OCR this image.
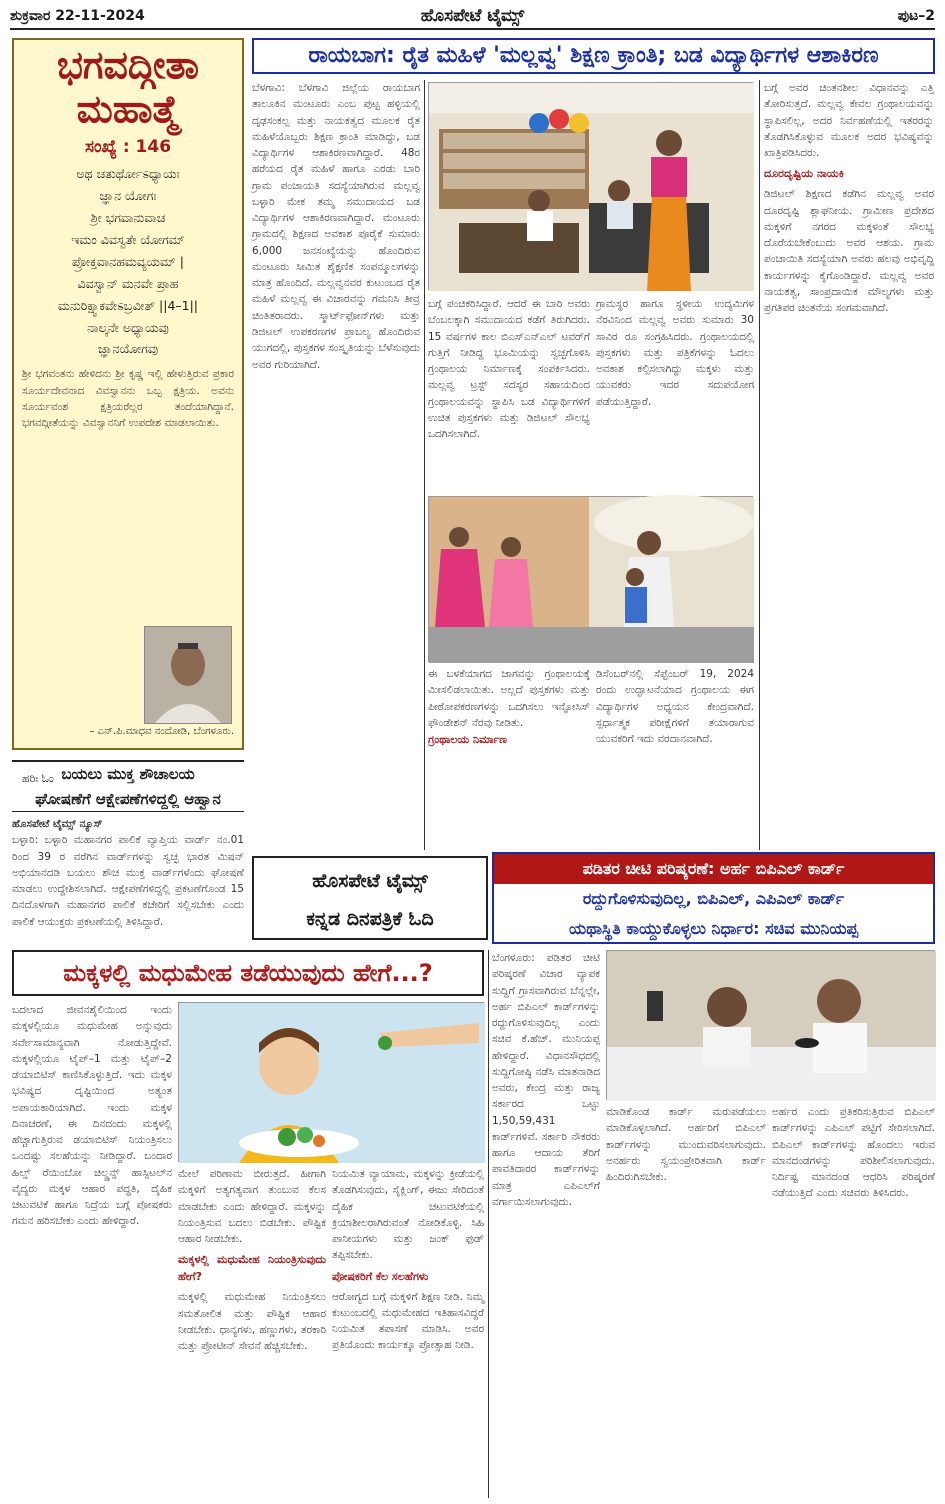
ಶುಕ್ರವಾರ 22-11-2024	ಹೊಸಪೇಟೆ ಟೈಮ್ಸ್	ಪುಟ–2
ಭಗವದ್ಗೀತಾ
ಮಹಾತ್ಮೆ
ಸಂಖ್ಯೆ : 146
ಅಥ ಚತುರ್ಥೋಽಧ್ಯಾಯಃ
ಜ್ಞಾನ ಯೋಗಃ
ಶ್ರೀ ಭಗವಾನುವಾಚ
ಇಮಂ ವಿವಸ್ವತೇ ಯೋಗಮ್
ಪ್ರೋಕ್ತವಾನಹಮವ್ಯಯಮ್ |
ವಿವಸ್ವಾನ್ ಮನವೇ ಪ್ರಾಹ
ಮನುರಿಕ್ಷ್ವಾಕವೇಽಬ್ರವೀತ್ ||4–1||
ನಾಲ್ಕನೇ ಅಧ್ಯಾಯವು
ಜ್ಞಾನಯೋಗವು
ಶ್ರೀ ಭಗವಂತನು ಹೇಳಿದನು ಶ್ರೀ ಕೃಷ್ಣ ಇಲ್ಲಿ ಹೇಳುತ್ತಿರುವ ಪ್ರಕಾರ ಸೂರ್ಯದೇವನಾದ ವಿವಸ್ವಾನನು ಒಬ್ಬ ಕ್ಷತ್ರಿಯ. ಅವನು ಸೂರ್ಯವಂಶ ಕ್ಷತ್ರಿಯರೆಲ್ಲರ ತಂದೆಯಾಗಿದ್ದಾನೆ. ಭಗವದ್ಗೀತೆಯನ್ನು ವಿವಸ್ವಾನನಿಗೆ ಉಪದೇಶ ಮಾಡಲಾಯಿತು.
– ಎನ್.ಪಿ.ಮಾಧವ ನಂದೋಡಿ, ಬೆಂಗಳೂರು.
ಹರಿಃ ಓಂ
ರಾಯಬಾಗ: ರೈತ ಮಹಿಳೆ 'ಮಲ್ಲವ್ವ' ಶಿಕ್ಷಣ ಕ್ರಾಂತಿ; ಬಡ ವಿದ್ಯಾರ್ಥಿಗಳ ಆಶಾಕಿರಣ
ಬೆಳಗಾವಿ: ಬೆಳಗಾವಿ ಜಿಲ್ಲೆಯ ರಾಯಬಾಗ ತಾಲೂಕಿನ ಮಂಟೂರು ಎಂಬ ಪುಟ್ಟ ಹಳ್ಳಿಯಲ್ಲಿ ದೃಢಸಂಕಲ್ಪ ಮತ್ತು ನಾಯಕತ್ವದ ಮೂಲಕ ರೈತ ಮಹಿಳೆಯೊಬ್ಬರು ಶಿಕ್ಷಣ ಕ್ರಾಂತಿ ಮಾಡಿದ್ದು, ಬಡ ವಿದ್ಯಾರ್ಥಿಗಳ ಆಶಾಕಿರಣವಾಗಿದ್ದಾರೆ. 48ರ ಹರೆಯದ ರೈತ ಮಹಿಳೆ ಹಾಗೂ ಎರಡು ಬಾರಿ ಗ್ರಾಮ ಪಂಚಾಯತಿ ಸದಸ್ಯೆಯಾಗಿರುವ ಮಲ್ಲವ್ವ ಬಳ್ಳಾರಿ ಮೇಕ ತಮ್ಮ ಸಮುದಾಯದ ಬಡ ವಿದ್ಯಾರ್ಥಿಗಳ ಆಶಾಕಿರಣವಾಗಿದ್ದಾರೆ. ಮಂಟೂರು ಗ್ರಾಮದಲ್ಲಿ ಶಿಕ್ಷಣದ ಅವಕಾಶ ಪೂರೈಕೆ ಸುಮಾರು 6,000 ಜನಸಂಖ್ಯೆಯನ್ನು ಹೊಂದಿರುವ ಮಂಟೂರು ಸೀಮಿತ ಶೈಕ್ಷಣಿಕ ಸಂಪನ್ಮೂಲಗಳನ್ನು ಮಾತ್ರ ಹೊಂದಿದೆ. ಮಲ್ಲವ್ವನವರ ಕುಟುಂಬದ ರೈತ ಮಹಿಳೆ ಮಲ್ಲವ್ವ ಈ ವಿಚಾರವನ್ನು ಗಮನಿಸಿ ತೀವ್ರ ಚಿಂತಿತರಾದರು. ಸ್ಮಾರ್ಟ್‌ಫೋನ್‌ಗಳು ಮತ್ತು ಡಿಜಿಟಲ್ ಉಪಕರಣಗಳ ಪ್ರಾಬಲ್ಯ ಹೊಂದಿರುವ ಯುಗದಲ್ಲಿ, ಪುಸ್ತಕಗಳ ಸಂಸ್ಕೃತಿಯನ್ನು ಬೆಳೆಸುವುದು ಅವರ ಗುರಿಯಾಗಿದೆ.
ಬಗ್ಗೆ ಪಂಚಿಕರಿಸಿದ್ದಾರೆ. ಆದರೆ ಈ ಬಾರಿ ಅವರು ಬೆಂಬಲಕ್ಕಾಗಿ ಸಮುದಾಯದ ಕಡೆಗೆ ತಿರುಗಿದರು. 15 ವರ್ಷಗಳ ಕಾಲ ಬಿಎಸ್‌ಎನ್‌ಎಲ್ ಟವರ್‌ಗೆ ಗುತ್ತಿಗೆ ನೀಡಿದ್ದ ಭೂಮಿಯನ್ನು ಸ್ವಚ್ಛಗೊಳಿಸಿ ಗ್ರಂಥಾಲಯ ನಿರ್ಮಾಣಕ್ಕೆ ಸಂಪರ್ಕಿಸಿದರು. ಮಲ್ಲವ್ವ ಟ್ರಸ್ಟ್ ಸದಸ್ಯರ ಸಹಾಯದಿಂದ ಗ್ರಂಥಾಲಯವನ್ನು ಸ್ಥಾಪಿಸಿ ಬಡ ವಿದ್ಯಾರ್ಥಿಗಳಿಗೆ ಉಚಿತ ಪುಸ್ತಕಗಳು ಮತ್ತು ಡಿಜಿಟಲ್ ಸೌಲಭ್ಯ ಒದಗಿಸಲಾಗಿದೆ.
ಗ್ರಾಮಸ್ಥರ ಹಾಗೂ ಸ್ಥಳೀಯ ಉದ್ಯಮಿಗಳ ನೆರವಿನಿಂದ ಮಲ್ಲವ್ವ ಅವರು ಸುಮಾರು 30 ಸಾವಿರ ರೂ ಸಂಗ್ರಹಿಸಿದರು. ಗ್ರಂಥಾಲಯದಲ್ಲಿ ಪುಸ್ತಕಗಳು ಮತ್ತು ಪತ್ರಿಕೆಗಳನ್ನು ಓದಲು ಅವಕಾಶ ಕಲ್ಪಿಸಲಾಗಿದ್ದು ಮಕ್ಕಳು ಮತ್ತು ಯುವಕರು ಇದರ ಸದುಪಯೋಗ ಪಡೆಯುತ್ತಿದ್ದಾರೆ.
ಈ ಬಳಕೆಯಾಗದ ಜಾಗವನ್ನು ಗ್ರಂಥಾಲಯಕ್ಕೆ ಮೀಸಲಿಡಲಾಯಿತು. ಅಲ್ಲದೆ ಪುಸ್ತಕಗಳು ಮತ್ತು ಪೀಠೋಪಕರಣಗಳನ್ನು ಒದಗಿಸಲು ಇನ್ಫೋಸಿಸ್ ಫೌಂಡೇಶನ್ ನೆರವು ನೀಡಿತು.
ಗ್ರಂಥಾಲಯ ನಿರ್ಮಾಣ
ಡಿಸೆಂಬರ್‌ನಲ್ಲಿ ಸೆಪ್ಟೆಂಬರ್ 19, 2024 ರಂದು ಉದ್ಘಾಟನೆಯಾದ ಗ್ರಂಥಾಲಯ ಈಗ ವಿದ್ಯಾರ್ಥಿಗಳ ಅಧ್ಯಯನ ಕೇಂದ್ರವಾಗಿದೆ. ಸ್ಪರ್ಧಾತ್ಮಕ ಪರೀಕ್ಷೆಗಳಿಗೆ ತಯಾರಾಗುವ ಯುವಕರಿಗೆ ಇದು ವರದಾನವಾಗಿದೆ.
ಬಗ್ಗೆ ಅವರ ಚಿಂತನಶೀಲ ವಿಧಾನವನ್ನು ಎತ್ತಿ ತೋರಿಸುತ್ತದೆ. ಮಲ್ಲವ್ವ ಕೇವಲ ಗ್ರಂಥಾಲಯವನ್ನು ಸ್ಥಾಪಿಸಲಿಲ್ಲ, ಅದರ ನಿರ್ವಹಣೆಯಲ್ಲಿ ಇತರರನ್ನು ತೊಡಗಿಸಿಕೊಳ್ಳುವ ಮೂಲಕ ಅದರ ಭವಿಷ್ಯವನ್ನು ಖಾತ್ರಿಪಡಿಸಿದರು.
ದೂರದೃಷ್ಟಿಯ ನಾಯಕಿ
ಡಿಜಿಟಲ್ ಶಿಕ್ಷಣದ ಕಡೆಗಿನ ಮಲ್ಲವ್ವ ಅವರ ದೂರದೃಷ್ಟಿ ಶ್ಲಾಘನೀಯ. ಗ್ರಾಮೀಣ ಪ್ರದೇಶದ ಮಕ್ಕಳಿಗೆ ನಗರದ ಮಕ್ಕಳಂತೆ ಸೌಲಭ್ಯ ದೊರೆಯಬೇಕೆಂಬುದು ಅವರ ಆಶಯ. ಗ್ರಾಮ ಪಂಚಾಯಿತಿ ಸದಸ್ಯೆಯಾಗಿ ಅವರು ಹಲವು ಅಭಿವೃದ್ಧಿ ಕಾರ್ಯಗಳನ್ನು ಕೈಗೊಂಡಿದ್ದಾರೆ. ಮಲ್ಲವ್ವ ಅವರ ನಾಯಕತ್ವ, ಸಾಂಪ್ರದಾಯಿಕ ಮೌಲ್ಯಗಳು ಮತ್ತು ಪ್ರಗತಿಪರ ಚಿಂತನೆಯ ಸಂಗಮವಾಗಿದೆ.
ಬಯಲು ಮುಕ್ತ ಶೌಚಾಲಯ
ಘೋಷಣೆಗೆ ಆಕ್ಷೇಪಣೆಗಳಿದ್ದಲ್ಲಿ ಆಹ್ವಾನ
ಹೊಸಪೇಟೆ ಟೈಮ್ಸ್ ನ್ಯೂಸ್
ಬಳ್ಳಾರಿ: ಬಳ್ಳಾರಿ ಮಹಾನಗರ ಪಾಲಿಕೆ ವ್ಯಾಪ್ತಿಯ ವಾರ್ಡ್ ನಂ.01 ರಿಂದ 39 ರ ವರೆಗಿನ ವಾರ್ಡ್‌ಗಳನ್ನು ಸ್ವಚ್ಛ ಭಾರತ ಮಿಷನ್ ಅಭಿಯಾನದಡಿ ಬಯಲು ಶೌಚ ಮುಕ್ತ ವಾರ್ಡ್‌ಗಳೆಂದು ಘೋಷಣೆ ಮಾಡಲು ಉದ್ದೇಶಿಸಲಾಗಿದೆ. ಆಕ್ಷೇಪಣೆಗಳಿದ್ದಲ್ಲಿ ಪ್ರಕಟಣೆಗೊಂಡ 15 ದಿನದೊಳಗಾಗಿ ಮಹಾನಗರ ಪಾಲಿಕೆ ಕಚೇರಿಗೆ ಸಲ್ಲಿಸಬೇಕು ಎಂದು ಪಾಲಿಕೆ ಆಯುಕ್ತರು ಪ್ರಕಟಣೆಯಲ್ಲಿ ತಿಳಿಸಿದ್ದಾರೆ.
ಹೊಸಪೇಟೆ ಟೈಮ್ಸ್
ಕನ್ನಡ ದಿನಪತ್ರಿಕೆ ಓದಿ
ಪಡಿತರ ಚೀಟಿ ಪರಿಷ್ಕರಣೆ: ಅರ್ಹ ಬಿಪಿಎಲ್ ಕಾರ್ಡ್
ರದ್ದುಗೊಳಿಸುವುದಿಲ್ಲ, ಬಿಪಿಎಲ್, ಎಪಿಎಲ್ ಕಾರ್ಡ್
ಯಥಾಸ್ಥಿತಿ ಕಾಯ್ದುಕೊಳ್ಳಲು ನಿರ್ಧಾರ: ಸಚಿವ ಮುನಿಯಪ್ಪ
ಬೆಂಗಳೂರು: ಪಡಿತರ ಚೀಟಿ ಪರಿಷ್ಕರಣೆ ವಿಚಾರ ವ್ಯಾಪಕ ಸುದ್ದಿಗೆ ಗ್ರಾಸವಾಗಿರುವ ಬೆನ್ನಲ್ಲೇ, ಅರ್ಹ ಬಿಪಿಎಲ್ ಕಾರ್ಡ್‌ಗಳನ್ನು ರದ್ದುಗೊಳಿಸುವುದಿಲ್ಲ ಎಂದು ಸಚಿವ ಕೆ.ಹೆಚ್. ಮುನಿಯಪ್ಪ ಹೇಳಿದ್ದಾರೆ. ವಿಧಾನಸೌಧದಲ್ಲಿ ಸುದ್ದಿಗೋಷ್ಠಿ ನಡೆಸಿ ಮಾತನಾಡಿದ ಅವರು, ಕೇಂದ್ರ ಮತ್ತು ರಾಜ್ಯ ಸರ್ಕಾರದ ಒಟ್ಟು 1,50,59,431 ಕಾರ್ಡ್‌ಗಳಿವೆ. ಸರ್ಕಾರಿ ನೌಕರರು ಹಾಗೂ ಆದಾಯ ತೆರಿಗೆ ಪಾವತಿದಾರರ ಕಾರ್ಡ್‌ಗಳನ್ನು ಮಾತ್ರ ಎಪಿಎಲ್‌ಗೆ ವರ್ಗಾಯಿಸಲಾಗುವುದು.
ಮಾಡಿಕೊಂಡ ಕಾರ್ಡ್ ಮರುಪಡೆಯಲು ಮಾಡಿಕೊಳ್ಳಲಾಗಿದೆ. ಅರ್ಹರಿಗೆ ಬಿಪಿಎಲ್ ಕಾರ್ಡ್‌ಗಳನ್ನು ಮುಂದುವರಿಸಲಾಗುವುದು. ಅನರ್ಹರು ಸ್ವಯಂಪ್ರೇರಿತವಾಗಿ ಕಾರ್ಡ್ ಹಿಂದಿರುಗಿಸಬೇಕು.
ಅರ್ಹರ ಎಂದು ಪ್ರತಿಕರಿಸುತ್ತಿರುವ ಬಿಪಿಎಲ್ ಕಾರ್ಡ್‌ಗಳನ್ನು ಎಪಿಎಲ್ ಪಟ್ಟಿಗೆ ಸೇರಿಸಲಾಗಿದೆ. ಬಿಪಿಎಲ್ ಕಾರ್ಡ್‌ಗಳನ್ನು ಹೊಂದಲು ಇರುವ ಮಾನದಂಡಗಳನ್ನು ಪರಿಶೀಲಿಸಲಾಗುವುದು. ನಿರ್ದಿಷ್ಟ ಮಾನದಂಡ ಆಧರಿಸಿ ಪರಿಷ್ಕರಣೆ ನಡೆಯುತ್ತಿದೆ ಎಂದು ಸಚಿವರು ತಿಳಿಸಿದರು.
ಮಕ್ಕಳಲ್ಲಿ ಮಧುಮೇಹ ತಡೆಯುವುದು ಹೇಗೆ...?
ಬದಲಾದ ಜೀವನಶೈಲಿಯಿಂದ ಇಂದು ಮಕ್ಕಳಲ್ಲಿಯೂ ಮಧುಮೇಹ ಅನ್ನುವುದು ಸರ್ವೇಸಾಮಾನ್ಯವಾಗಿ ನೋಡುತ್ತಿದ್ದೇವೆ. ಮಕ್ಕಳಲ್ಲಿಯೂ ಟೈಪ್–1 ಮತ್ತು ಟೈಪ್–2 ಡಯಾಬಿಟಿಸ್ ಕಾಣಿಸಿಕೊಳ್ಳುತ್ತಿದೆ. ಇದು ಮಕ್ಕಳ ಭವಿಷ್ಯದ ದೃಷ್ಟಿಯಿಂದ ಅತ್ಯಂತ ಅಪಾಯಕಾರಿಯಾಗಿದೆ. ಇಂದು ಮಕ್ಕಳ ದಿನಾಚರಣೆ, ಈ ದಿನದಂದು ಮಕ್ಕಳಲ್ಲಿ ಹೆಚ್ಚಾಗುತ್ತಿರುವ ಡಯಾಬಿಟಿಸ್ ನಿಯಂತ್ರಿಸಲು ಒಂದಷ್ಟು ಸಲಹೆಯನ್ನು ನೀಡಿದ್ದಾರೆ. ಬಂದಾರ ಹಿಲ್ಸ್ ರೆಯಿಂಬೋ ಚಿಲ್ಡ್ರನ್ಸ್ ಹಾಸ್ಪಿಟಲ್‌ನ ವೈದ್ಯರು ಮಕ್ಕಳ ಆಹಾರ ಪದ್ಧತಿ, ದೈಹಿಕ ಚಟುವಟಿಕೆ ಹಾಗೂ ನಿದ್ರೆಯ ಬಗ್ಗೆ ಪೋಷಕರು ಗಮನ ಹರಿಸಬೇಕು ಎಂದು ಹೇಳಿದ್ದಾರೆ.
ಮೇಲೆ ಪರಿಣಾಮ ಬೀರುತ್ತದೆ. ಹೀಗಾಗಿ ಮಕ್ಕಳಿಗೆ ಅತ್ಯಗತ್ಯವಾಗ ತುಂಬುವ ಕೆಲಸ ಮಾಡಬೇಕು ಎಂದು ಹೇಳಿದ್ದಾರೆ. ಮಕ್ಕಳನ್ನು ನಿಯಂತ್ರಿಸುವ ಬದಲು ಬಿಡಬೇಕು. ಪೌಷ್ಟಿಕ ಆಹಾರ ನೀಡಬೇಕು.
ಮಕ್ಕಳಲ್ಲಿ ಮಧುಮೇಹ ನಿಯಂತ್ರಿಸುವುದು ಹೇಗೆ?
ಮಕ್ಕಳಲ್ಲಿ ಮಧುಮೇಹ ನಿಯಂತ್ರಿಸಲು ಸಮತೋಲಿತ ಮತ್ತು ಪೌಷ್ಟಿಕ ಆಹಾರ ನೀಡಬೇಕು. ಧಾನ್ಯಗಳು, ಹಣ್ಣುಗಳು, ತರಕಾರಿ ಮತ್ತು ಪ್ರೋಟೀನ್ ಸೇವನೆ ಹೆಚ್ಚಿಸಬೇಕು.
ನಿಯಮಿತ ವ್ಯಾಯಾಮ, ಮಕ್ಕಳನ್ನು ಕ್ರೀಡೆಯಲ್ಲಿ ತೊಡಗಿಸುವುದು, ಸೈಕ್ಲಿಂಗ್, ಈಜು ಸೇರಿದಂತೆ ದೈಹಿಕ ಚಟುವಟಿಕೆಯಲ್ಲಿ ಕ್ರಿಯಾಶೀಲರಾಗಿರುವಂತೆ ನೋಡಿಕೊಳ್ಳಿ. ಸಿಹಿ ಪಾನೀಯಗಳು ಮತ್ತು ಜಂಕ್ ಫುಡ್ ತಪ್ಪಿಸಬೇಕು.
ಪೋಷಕರಿಗೆ ಕೆಲ ಸಲಹೆಗಳು
ಆರೋಗ್ಯದ ಬಗ್ಗೆ ಮಕ್ಕಳಿಗೆ ಶಿಕ್ಷಣ ನೀಡಿ. ನಿಮ್ಮ ಕುಟುಂಬದಲ್ಲಿ ಮಧುಮೇಹದ ಇತಿಹಾಸವಿದ್ದರೆ ನಿಯಮಿತ ತಪಾಸಣೆ ಮಾಡಿಸಿ. ಅವರ ಪ್ರತಿಯೊಂದು ಕಾರ್ಯಕ್ಕೂ ಪ್ರೋತ್ಸಾಹ ನೀಡಿ.
